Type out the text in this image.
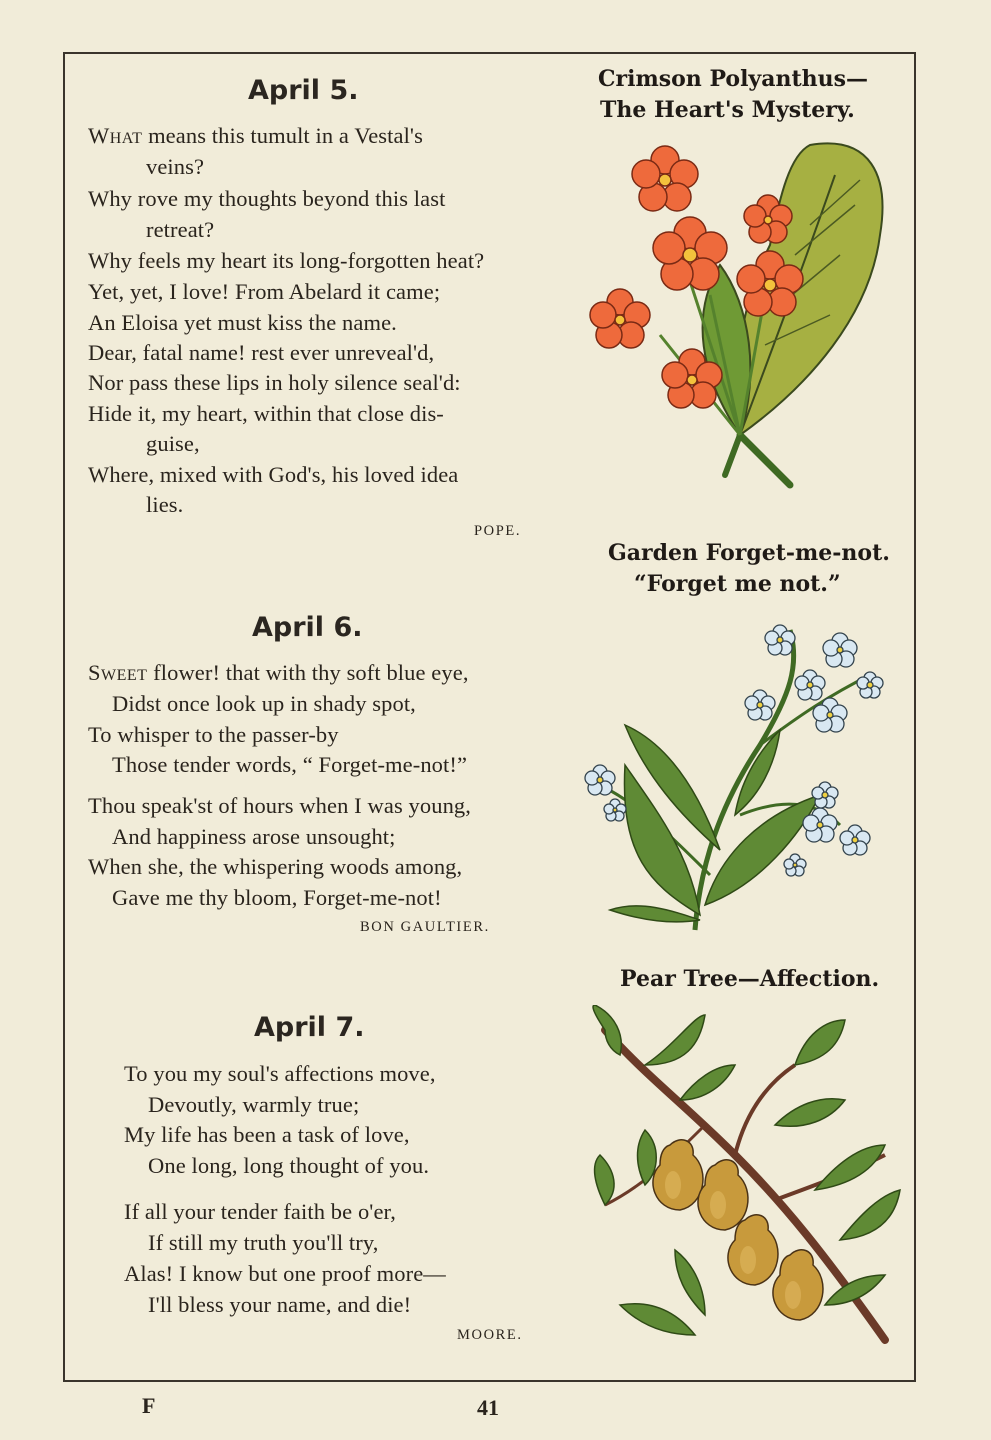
April 5.
What means this tumult in a Vestal's
veins?
Why rove my thoughts beyond this last
retreat?
Why feels my heart its long-forgotten heat?
Yet, yet, I love! From Abelard it came;
An Eloisa yet must kiss the name.
Dear, fatal name! rest ever unreveal'd,
Nor pass these lips in holy silence seal'd:
Hide it, my heart, within that close dis-
guise,
Where, mixed with God's, his loved idea
lies.
POPE.
April 6.
Sweet flower! that with thy soft blue eye,
Didst once look up in shady spot,
To whisper to the passer-by
Those tender words, “ Forget-me-not!”
Thou speak'st of hours when I was young,
And happiness arose unsought;
When she, the whispering woods among,
Gave me thy bloom, Forget-me-not!
BON GAULTIER.
April 7.
To you my soul's affections move,
Devoutly, warmly true;
My life has been a task of love,
One long, long thought of you.
If all your tender faith be o'er,
If still my truth you'll try,
Alas! I know but one proof more—
I'll bless your name, and die!
MOORE.
Crimson Polyanthus—
The Heart's Mystery.
Garden Forget-me-not.
“Forget me not.”
Pear Tree—Affection.
F	41
